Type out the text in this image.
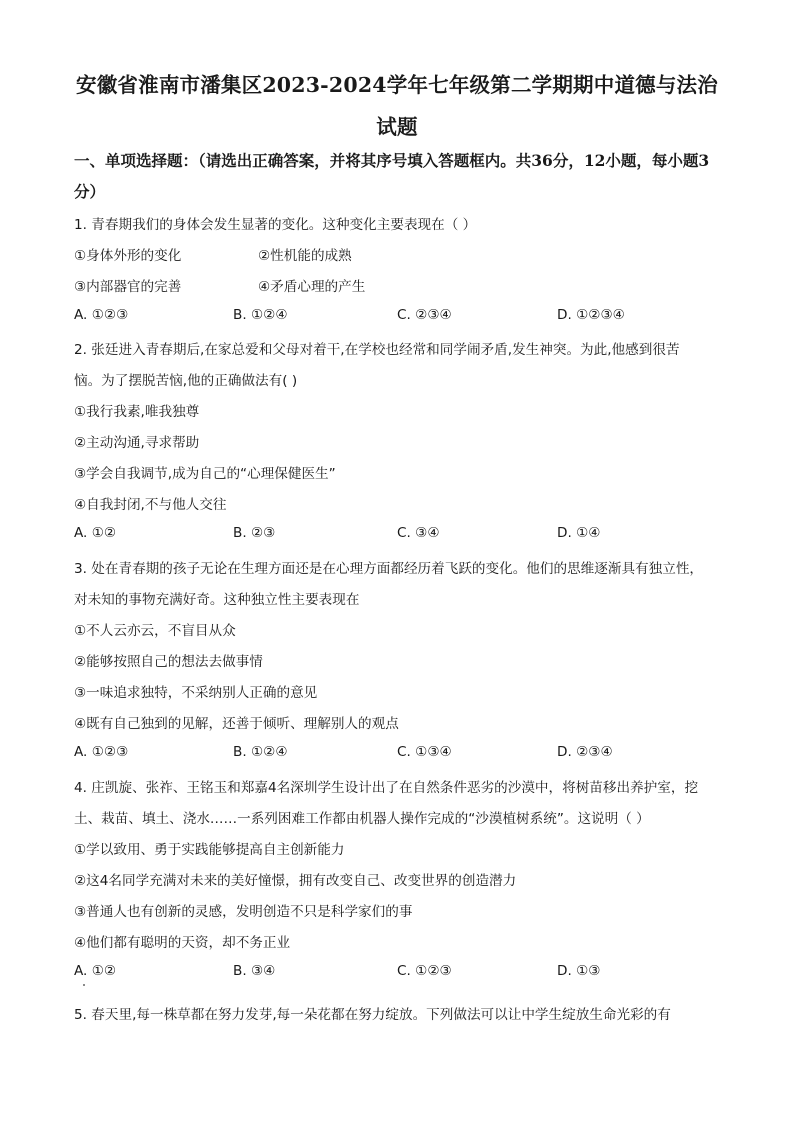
安徽省淮南市潘集区2023-2024学年七年级第二学期期中道德与法治
试题
一、单项选择题：（请选出正确答案，并将其序号填入答题框内。共36分，12小题，每小题3分）
1. 青春期我们的身体会发生显著的变化。这种变化主要表现在（ ）
①身体外形的变化	②性机能的成熟
③内部器官的完善	④矛盾心理的产生
A. ①②③	B. ①②④	C. ②③④	D. ①②③④
2. 张廷进入青春期后,在家总爱和父母对着干,在学校也经常和同学闹矛盾,发生神突。为此,他感到很苦
恼。为了摆脱苦恼,他的正确做法有( )
①我行我素,唯我独尊
②主动沟通,寻求帮助
③学会自我调节,成为自己的“心理保健医生”
④自我封闭,不与他人交往
A. ①②	B. ②③	C. ③④	D. ①④
3. 处在青春期的孩子无论在生理方面还是在心理方面都经历着飞跃的变化。他们的思维逐渐具有独立性，
对未知的事物充满好奇。这种独立性主要表现在
①不人云亦云，不盲目从众
②能够按照自己的想法去做事情
③一味追求独特，不采纳别人正确的意见
④既有自己独到的见解，还善于倾听、理解别人的观点
A. ①②③	B. ①②④	C. ①③④	D. ②③④
4. 庄凯旋、张祚、王铭玉和郑嘉4名深圳学生设计出了在自然条件恶劣的沙漠中，将树苗移出养护室，挖
土、栽苗、填土、浇水……一系列困难工作都由机器人操作完成的“沙漠植树系统”。这说明（ ）
①学以致用、勇于实践能够提高自主创新能力
②这4名同学充满对未来的美好憧憬，拥有改变自己、改变世界的创造潜力
③普通人也有创新的灵感，发明创造不只是科学家们的事
④他们都有聪明的天资，却不务正业
A. ①②	B. ③④	C. ①②③	D. ①③
5. 春天里,每一株草都在努力发芽,每一朵花都在努力绽放。下列做法可以让中学生绽放生命光彩的有
